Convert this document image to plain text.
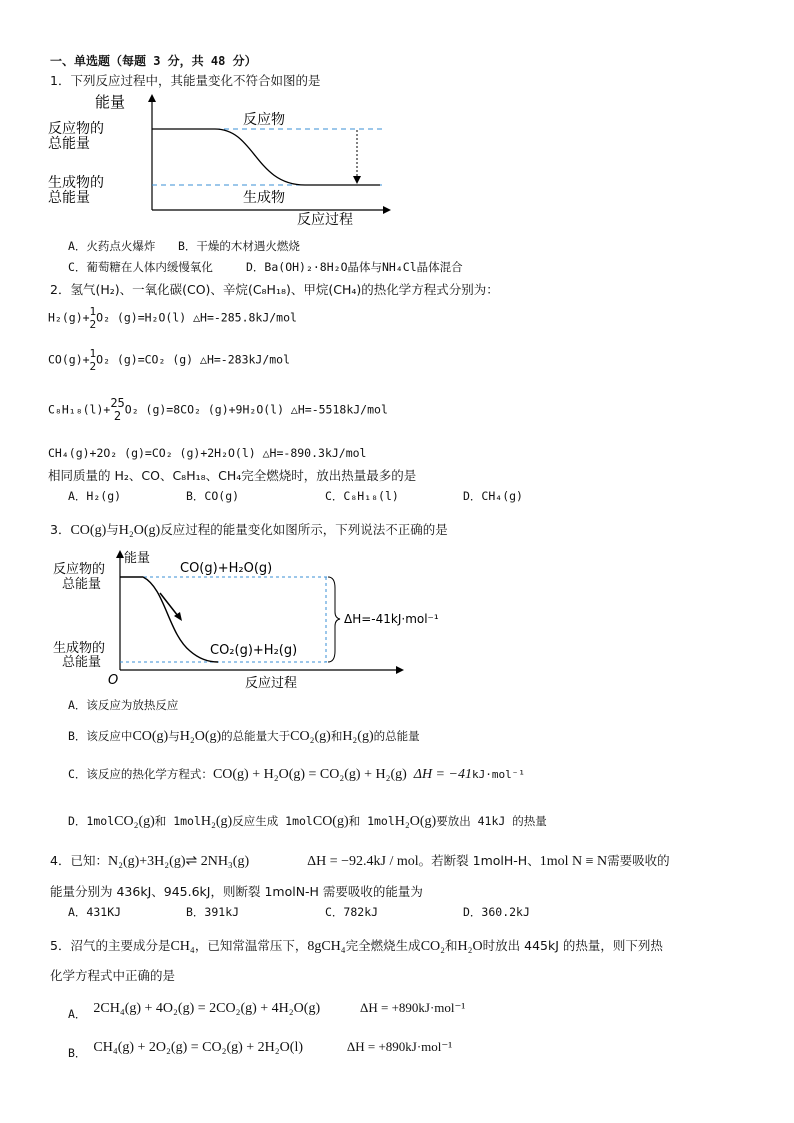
一、单选题（每题 3 分，共 48 分）
1．下列反应过程中，其能量变化不符合如图的是
能量
反应物的
总能量
生成物的
总能量
反应物
生成物
反应过程
A．火药点火爆炸 B．干燥的木材遇火燃烧
C．葡萄糖在人体内缓慢氧化	D．Ba(OH)₂·8H₂O晶体与NH₄Cl晶体混合
2．氢气(H₂)、一氧化碳(CO)、辛烷(C₈H₁₈)、甲烷(CH₄)的热化学方程式分别为：
H₂(g)+ 1
2 O₂ (g)=H₂O(l) △H=-285.8kJ/mol
CO(g)+ 1
2 O₂ (g)=CO₂ (g) △H=-283kJ/mol
C₈H₁₈(l)+ 25
2 O₂ (g)=8CO₂ (g)+9H₂O(l) △H=-5518kJ/mol
CH₄(g)+2O₂ (g)=CO₂ (g)+2H₂O(l) △H=-890.3kJ/mol
相同质量的 H₂、CO、C₈H₁₈、CH₄完全燃烧时，放出热量最多的是
A．H₂(g)	B．CO(g)	C．C₈H₁₈(l)	D．CH₄(g)
3．CO(g)与H₂O(g)反应过程的能量变化如图所示，下列说法不正确的是
能量
反应物的
总能量
生成物的
总能量
CO(g)+H₂O(g)
CO₂(g)+H₂(g)
ΔH=-41kJ·mol⁻¹
O	反应过程
A．该反应为放热反应
B．该反应中CO(g)与H₂O(g)的总能量大于CO₂(g)和H₂(g)的总能量
C．该反应的热化学方程式：CO(g) + H₂O(g) = CO₂(g) + H₂(g) ΔH = −41kJ·mol⁻¹
D．1molCO₂(g)和 1molH₂(g)反应生成 1molCO(g)和 1molH₂O(g)要放出 41kJ 的热量
4．已知：N₂(g)+3H₂(g)⇌ 2NH₃(g)	ΔH = −92.4kJ / mol。若断裂 1molH-H、1mol N ≡ N需要吸收的
能量分别为 436kJ、945.6kJ，则断裂 1molN-H 需要吸收的能量为
A．431KJ	B．391kJ	C．782kJ	D．360.2kJ
5．沼气的主要成分是CH₄，已知常温常压下，8gCH₄完全燃烧生成CO₂和H₂O时放出 445kJ 的热量，则下列热
化学方程式中正确的是
A． 2CH₄(g) + 4O₂(g) = 2CO₂(g) + 4H₂O(g)	ΔH = +890kJ·mol⁻¹
B． CH₄(g) + 2O₂(g) = CO₂(g) + 2H₂O(l)	ΔH = +890kJ·mol⁻¹
